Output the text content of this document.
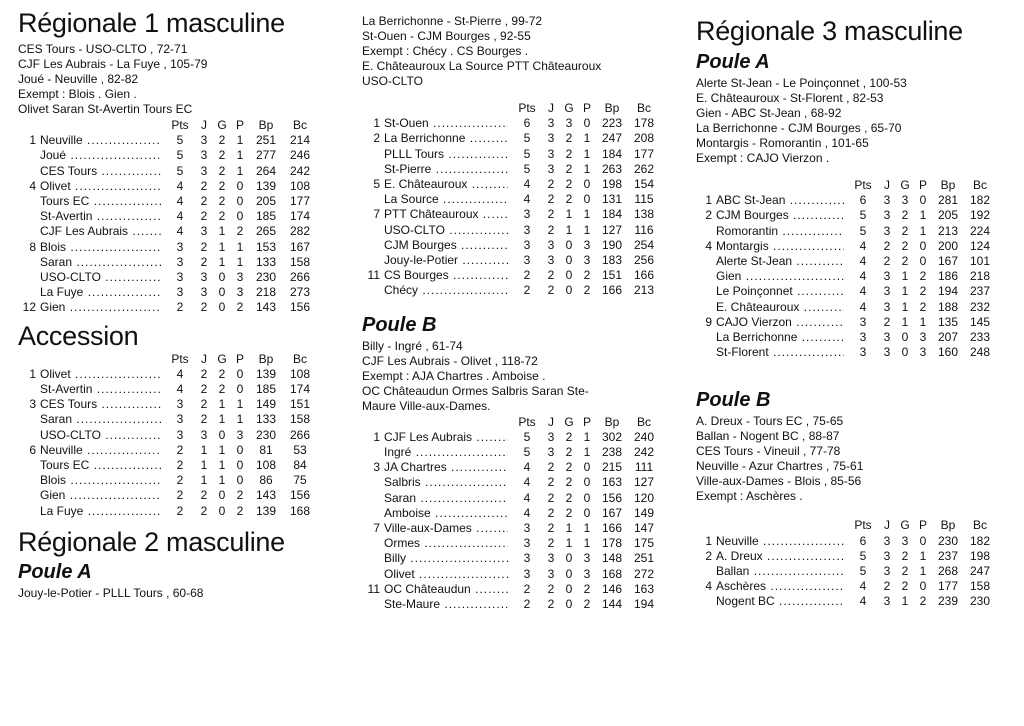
Régionale 1 masculine
CES Tours - USO-CLTO , 72-71
CJF Les Aubrais - La Fuye , 105-79
Joué - Neuville , 82-82
Exempt : Blois . Gien .
Olivet Saran St-Avertin Tours EC
		Pts	J	G	P	Bp	Bc
1	Neuville .....	5	3	2	1	251	214

	Joué .....	5	3	2	1	277	246

	CES Tours .....	5	3	2	1	264	242
4	Olivet .....	4	2	2	0	139	108

	Tours EC .....	4	2	2	0	205	177

	St-Avertin .....	4	2	2	0	185	174

	CJF Les Aubrais .....	4	3	1	2	265	282
8	Blois .....	3	2	1	1	153	167

	Saran .....	3	2	1	1	133	158

	USO-CLTO .....	3	3	0	3	230	266

	La Fuye .....	3	3	0	3	218	273
12	Gien .....	2	2	0	2	143	156
Accession
		Pts	J	G	P	Bp	Bc
1	Olivet .....	4	2	2	0	139	108

	St-Avertin .....	4	2	2	0	185	174
3	CES Tours .....	3	2	1	1	149	151

	Saran .....	3	2	1	1	133	158

	USO-CLTO .....	3	3	0	3	230	266
6	Neuville .....	2	1	1	0	81	53

	Tours EC .....	2	1	1	0	108	84

	Blois .....	2	1	1	0	86	75

	Gien .....	2	2	0	2	143	156

	La Fuye .....	2	2	0	2	139	168
Régionale 2 masculine
Poule A
Jouy-le-Potier - PLLL Tours , 60-68
La Berrichonne - St-Pierre , 99-72
St-Ouen - CJM Bourges , 92-55
Exempt : Chécy . CS Bourges .
E. Châteauroux La Source PTT Châteauroux
USO-CLTO
		Pts	J	G	P	Bp	Bc
1	St-Ouen .....	6	3	3	0	223	178
2	La Berrichonne .....	5	3	2	1	247	208

	PLLL Tours .....	5	3	2	1	184	177

	St-Pierre .....	5	3	2	1	263	262
5	E. Châteauroux .....	4	2	2	0	198	154

	La Source .....	4	2	2	0	131	115
7	PTT Châteauroux .....	3	2	1	1	184	138

	USO-CLTO .....	3	2	1	1	127	116

	CJM Bourges .....	3	3	0	3	190	254

	Jouy-le-Potier .....	3	3	0	3	183	256
11	CS Bourges .....	2	2	0	2	151	166

	Chécy .....	2	2	0	2	166	213
Poule B
Billy - Ingré , 61-74
CJF Les Aubrais - Olivet , 118-72
Exempt : AJA Chartres . Amboise .
OC Châteaudun Ormes Salbris Saran Ste-
Maure Ville-aux-Dames.
		Pts	J	G	P	Bp	Bc
1	CJF Les Aubrais .....	5	3	2	1	302	240

	Ingré .....	5	3	2	1	238	242
3	JA Chartres .....	4	2	2	0	215	111

	Salbris .....	4	2	2	0	163	127

	Saran .....	4	2	2	0	156	120

	Amboise .....	4	2	2	0	167	149
7	Ville-aux-Dames .....	3	2	1	1	166	147

	Ormes .....	3	2	1	1	178	175

	Billy .....	3	3	0	3	148	251

	Olivet .....	3	3	0	3	168	272
11	OC Châteaudun .....	2	2	0	2	146	163

	Ste-Maure .....	2	2	0	2	144	194
Régionale 3 masculine
Poule A
Alerte St-Jean - Le Poinçonnet , 100-53
E. Châteauroux - St-Florent , 82-53
Gien - ABC St-Jean , 68-92
La Berrichonne - CJM Bourges , 65-70
Montargis - Romorantin , 101-65
Exempt : CAJO Vierzon .
		Pts	J	G	P	Bp	Bc
1	ABC St-Jean .....	6	3	3	0	281	182
2	CJM Bourges .....	5	3	2	1	205	192

	Romorantin .....	5	3	2	1	213	224
4	Montargis .....	4	2	2	0	200	124

	Alerte St-Jean .....	4	2	2	0	167	101

	Gien .....	4	3	1	2	186	218

	Le Poinçonnet .....	4	3	1	2	194	237

	E. Châteauroux .....	4	3	1	2	188	232
9	CAJO Vierzon .....	3	2	1	1	135	145

	La Berrichonne .....	3	3	0	3	207	233

	St-Florent .....	3	3	0	3	160	248
Poule B
A. Dreux - Tours EC , 75-65
Ballan - Nogent BC , 88-87
CES Tours - Vineuil , 77-78
Neuville - Azur Chartres , 75-61
Ville-aux-Dames - Blois , 85-56
Exempt : Aschères .
		Pts	J	G	P	Bp	Bc
1	Neuville .....	6	3	3	0	230	182
2	A. Dreux .....	5	3	2	1	237	198

	Ballan .....	5	3	2	1	268	247
4	Aschères .....	4	2	2	0	177	158

	Nogent BC .....	4	3	1	2	239	230
